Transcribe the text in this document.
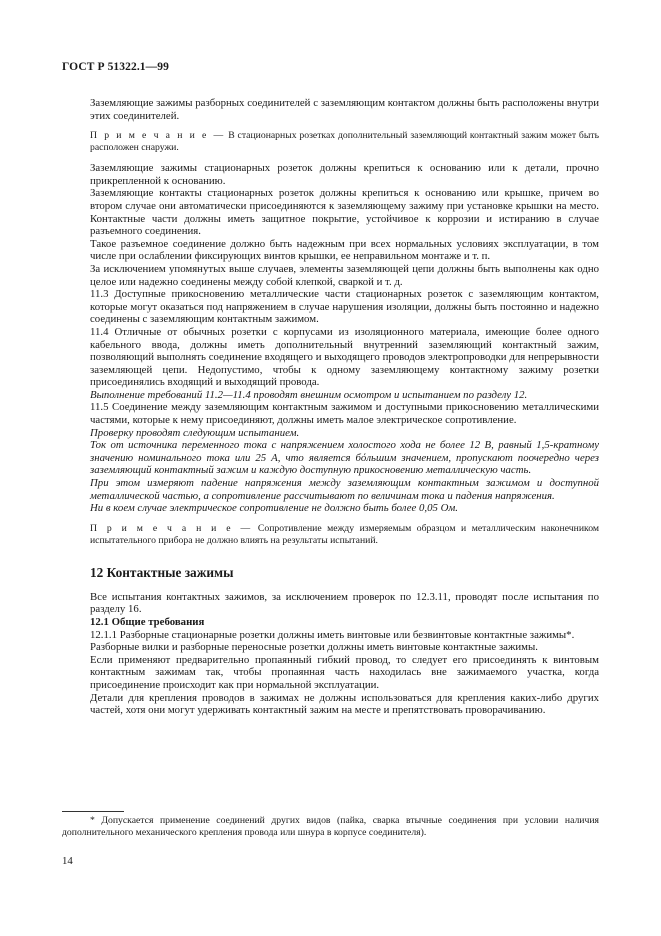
ГОСТ Р 51322.1—99

Заземляющие зажимы разборных соединителей с заземляющим контактом должны быть расположены внутри этих соединителей.

П р и м е ч а н и е — В стационарных розетках дополнительный заземляющий контактный зажим может быть расположен снаружи.

Заземляющие зажимы стационарных розеток должны крепиться к основанию или к детали, прочно прикрепленной к основанию.

Заземляющие контакты стационарных розеток должны крепиться к основанию или крышке, причем во втором случае они автоматически присоединяются к заземляющему зажиму при установке крышки на место. Контактные части должны иметь защитное покрытие, устойчивое к коррозии и истиранию в случае разъемного соединения.

Такое разъемное соединение должно быть надежным при всех нормальных условиях эксплуатации, в том числе при ослаблении фиксирующих винтов крышки, ее неправильном монтаже и т. п.

За исключением упомянутых выше случаев, элементы заземляющей цепи должны быть выполнены как одно целое или надежно соединены между собой клепкой, сваркой и т. д.

11.3 Доступные прикосновению металлические части стационарных розеток с заземляющим контактом, которые могут оказаться под напряжением в случае нарушения изоляции, должны быть постоянно и надежно соединены с заземляющим контактным зажимом.

11.4 Отличные от обычных розетки с корпусами из изоляционного материала, имеющие более одного кабельного ввода, должны иметь дополнительный внутренний заземляющий контактный зажим, позволяющий выполнять соединение входящего и выходящего проводов электропроводки для непрерывности заземляющей цепи. Недопустимо, чтобы к одному заземляющему контактному зажиму розетки присоединялись входящий и выходящий провода.

Выполнение требований 11.2—11.4 проводят внешним осмотром и испытанием по разделу 12.

11.5 Соединение между заземляющим контактным зажимом и доступными прикосновению металлическими частями, которые к нему присоединяют, должны иметь малое электрическое сопротивление.

Проверку проводят следующим испытанием.

Ток от источника переменного тока с напряжением холостого хода не более 12 В, равный 1,5-кратному значению номинального тока или 25 А, что является бόльшим значением, пропускают поочередно через заземляющий контактный зажим и каждую доступную прикосновению металлическую часть.

При этом измеряют падение напряжения между заземляющим контактным зажимом и доступной металлической частью, а сопротивление рассчитывают по величинам тока и падения напряжения.

Ни в коем случае электрическое сопротивление не должно быть более 0,05 Ом.

П р и м е ч а н и е — Сопротивление между измеряемым образцом и металлическим наконечником испытательного прибора не должно влиять на результаты испытаний.

12 Контактные зажимы

Все испытания контактных зажимов, за исключением проверок по 12.3.11, проводят после испытания по разделу 16.

12.1 Общие требования

12.1.1 Разборные стационарные розетки должны иметь винтовые или безвинтовые контактные зажимы*.

Разборные вилки и разборные переносные розетки должны иметь винтовые контактные зажимы.

Если применяют предварительно пропаянный гибкий провод, то следует его присоединять к винтовым контактным зажимам так, чтобы пропаянная часть находилась вне зажимаемого участка, когда присоединение происходит как при нормальной эксплуатации.

Детали для крепления проводов в зажимах не должны использоваться для крепления каких-либо других частей, хотя они могут удерживать контактный зажим на месте и препятствовать проворачиванию.

* Допускается применение соединений других видов (пайка, сварка втычные соединения при условии наличия дополнительного механического крепления провода или шнура в корпусе соединителя).
14
